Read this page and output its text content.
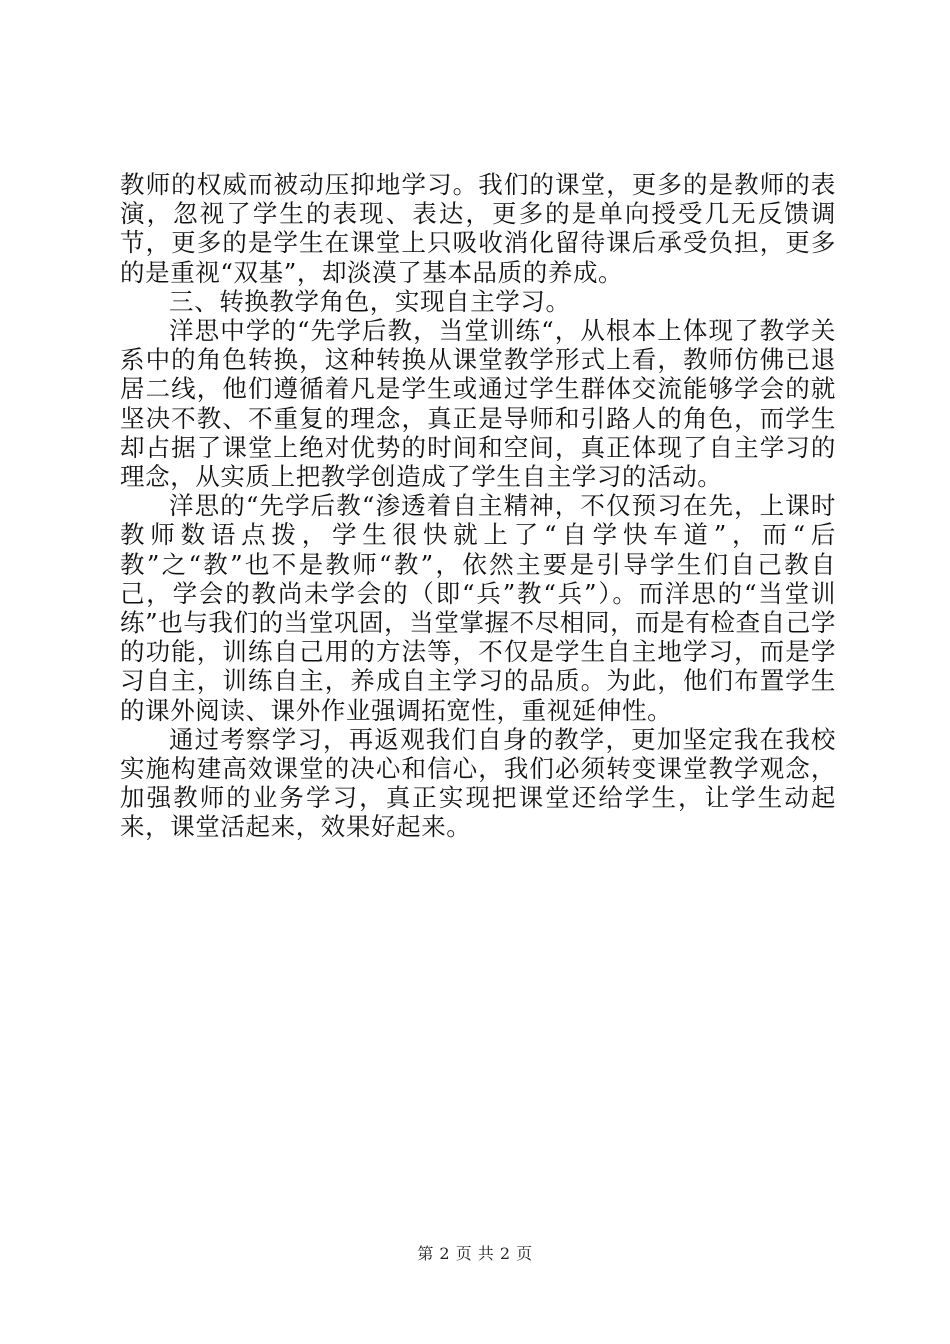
教师的权威而被动压抑地学习。我们的课堂，更多的是教师的表演，忽视了学生的表现、表达，更多的是单向授受几无反馈调节，更多的是学生在课堂上只吸收消化留待课后承受负担，更多的是重视“双基”，却淡漠了基本品质的养成。

三、转换教学角色，实现自主学习。

洋思中学的“先学后教，当堂训练“，从根本上体现了教学关系中的角色转换，这种转换从课堂教学形式上看，教师仿佛已退居二线，他们遵循着凡是学生或通过学生群体交流能够学会的就坚决不教、不重复的理念，真正是导师和引路人的角色，而学生却占据了课堂上绝对优势的时间和空间，真正体现了自主学习的理念，从实质上把教学创造成了学生自主学习的活动。

洋思的“先学后教“渗透着自主精神，不仅预习在先，上课时教师数语点拨，学生很快就上了“自学快车道”，而“后教”之“教”也不是教师“教”，依然主要是引导学生们自己教自己，学会的教尚未学会的（即“兵”教“兵”）。而洋思的“当堂训练”也与我们的当堂巩固，当堂掌握不尽相同，而是有检查自己学的功能，训练自己用的方法等，不仅是学生自主地学习，而是学习自主，训练自主，养成自主学习的品质。为此，他们布置学生的课外阅读、课外作业强调拓宽性，重视延伸性。

通过考察学习，再返观我们自身的教学，更加坚定我在我校实施构建高效课堂的决心和信心，我们必须转变课堂教学观念，加强教师的业务学习，真正实现把课堂还给学生，让学生动起来，课堂活起来，效果好起来。

第 2 页 共 2 页
